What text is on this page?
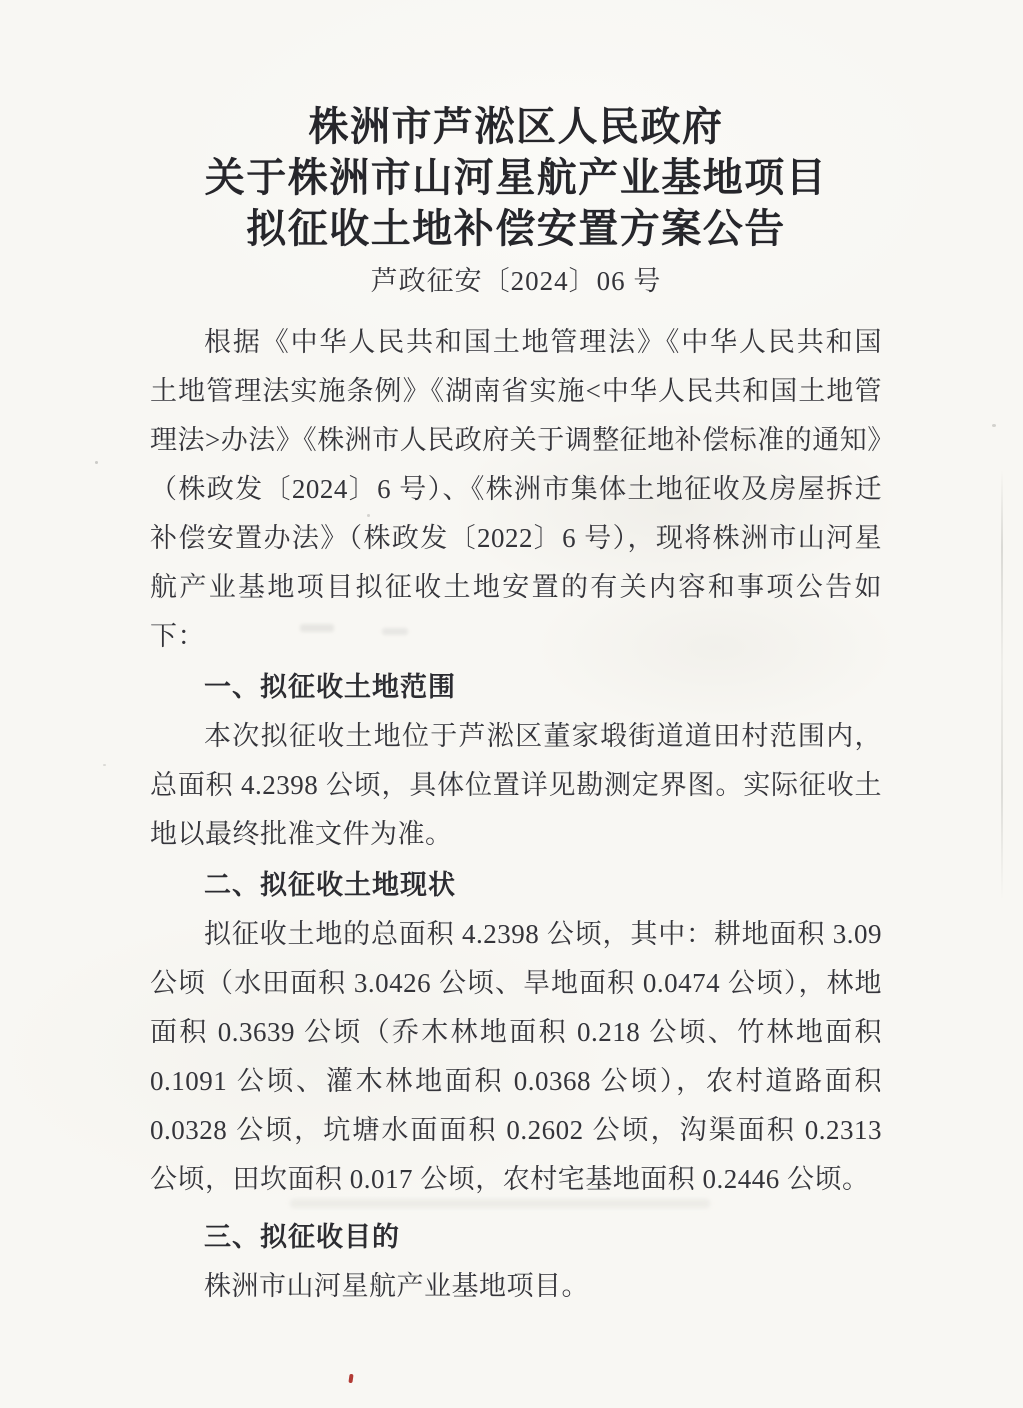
株洲市芦淞区人民政府
关于株洲市山河星航产业基地项目
拟征收土地补偿安置方案公告
芦政征安〔2024〕06 号
根据《中华人民共和国土地管理法》《中华人民共和国
土地管理法实施条例》《湖南省实施<中华人民共和国土地管
理法>办法》《株洲市人民政府关于调整征地补偿标准的通知》
（株政发〔2024〕6 号）、《株洲市集体土地征收及房屋拆迁
补偿安置办法》（株政发〔2022〕6 号），现将株洲市山河星
航产业基地项目拟征收土地安置的有关内容和事项公告如
下：
一、拟征收土地范围
本次拟征收土地位于芦淞区董家塅街道道田村范围内，
总面积 4.2398 公顷，具体位置详见勘测定界图。实际征收土
地以最终批准文件为准。
二、拟征收土地现状
拟征收土地的总面积 4.2398 公顷，其中：耕地面积 3.09
公顷（水田面积 3.0426 公顷、旱地面积 0.0474 公顷），林地
面积 0.3639 公顷（乔木林地面积 0.218 公顷、竹林地面积
0.1091 公顷、灌木林地面积 0.0368 公顷），农村道路面积
0.0328 公顷，坑塘水面面积 0.2602 公顷，沟渠面积 0.2313
公顷，田坎面积 0.017 公顷，农村宅基地面积 0.2446 公顷。
三、拟征收目的
株洲市山河星航产业基地项目。
